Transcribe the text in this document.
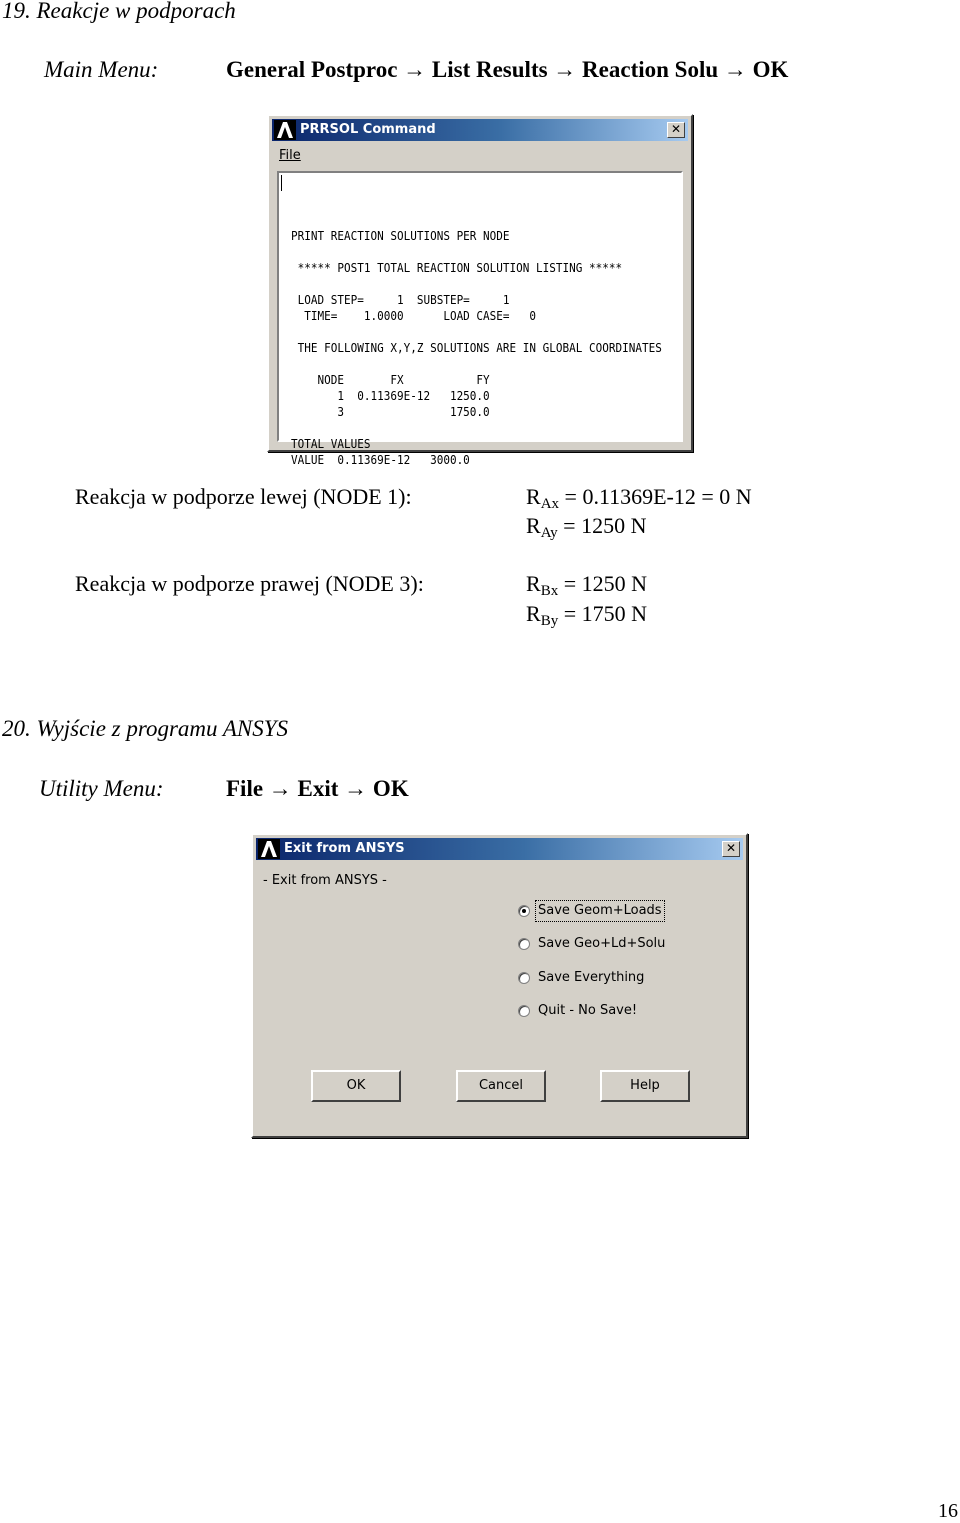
19. Reakcje w podporach
Main Menu:	General Postproc → List Results → Reaction Solu → OK
PRRSOL Command	✕
File

PRINT REACTION SOLUTIONS PER NODE
***** POST1 TOTAL REACTION SOLUTION LISTING *****
LOAD STEP=     1  SUBSTEP=     1
TIME=    1.0000      LOAD CASE=   0
THE FOLLOWING X,Y,Z SOLUTIONS ARE IN GLOBAL COORDINATES
NODE       FX           FY
1  0.11369E-12   1250.0
3                1750.0
TOTAL VALUES
VALUE  0.11369E-12   3000.0

Reakcja w podporze lewej (NODE 1):	$R_{Ax} = 0.11369E-12 = 0$ N
$R_{Ay} = 1250$ N
Reakcja w podporze prawej (NODE 3):	$R_{Bx} = 1250$ N
$R_{By} = 1750$ N
20. Wyjście z programu ANSYS
Utility Menu:	File → Exit → OK
Exit from ANSYS	✕
- Exit from ANSYS -
Save Geom+Loads
Save Geo+Ld+Solu
Save Everything
Quit - No Save!
OK	Cancel	Help
16
